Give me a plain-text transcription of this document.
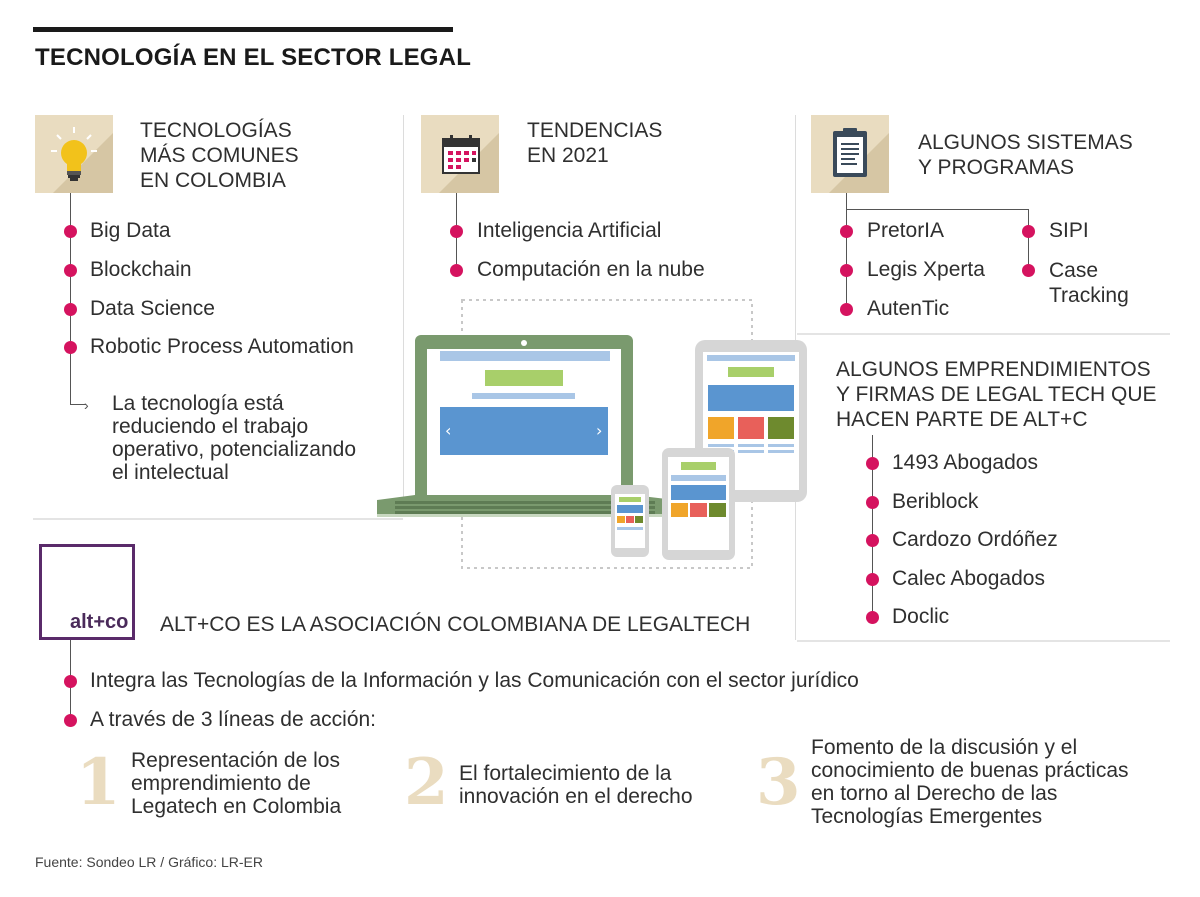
TECNOLOGÍA EN EL SECTOR LEGAL
TECNOLOGÍAS
MÁS COMUNES
EN COLOMBIA
›
Big Data
Blockchain
Data Science
Robotic Process Automation
La tecnología está
reduciendo el trabajo
operativo, potencializando
el intelectual
TENDENCIAS
EN 2021
Inteligencia Artificial
Computación en la nube
‹	›
ALGUNOS SISTEMAS
Y PROGRAMAS
PretorIA
Legis Xperta
AutenTic
SIPI
Case
Tracking
ALGUNOS EMPRENDIMIENTOS
Y FIRMAS DE LEGAL TECH QUE
HACEN PARTE DE ALT+C
1493 Abogados
Beriblock
Cardozo Ordóñez
Calec Abogados
Doclic
alt+co ALT+CO ES LA ASOCIACIÓN COLOMBIANA DE LEGALTECH
Integra las Tecnologías de la Información y las Comunicación con el sector jurídico
A través de 3 líneas de acción:
1 Representación de los
emprendimiento de
Legatech en Colombia 2 El fortalecimiento de la
innovación en el derecho 3 Fomento de la discusión y el
conocimiento de buenas prácticas
en torno al Derecho de las
Tecnologías Emergentes
Fuente: Sondeo LR / Gráfico: LR-ER
